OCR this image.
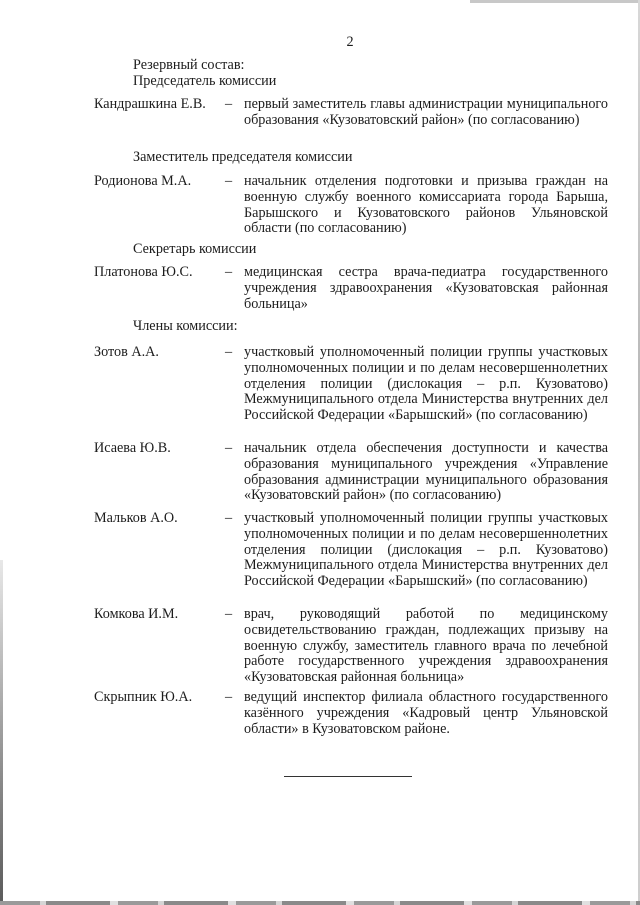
2
Резервный состав:
Председатель комиссии
Кандрашкина Е.В. – первый заместитель главы администрации муниципального образования «Кузоватовский район» (по согласованию)
Заместитель председателя комиссии
Родионова М.А. – начальник отделения подготовки и призыва граждан на военную службу военного комиссариата города Барыша, Барышского и Кузоватовского районов Ульяновской области (по согласованию)
Секретарь комиссии
Платонова Ю.С. – медицинская сестра врача-педиатра государственного учреждения здравоохранения «Кузоватовская районная больница»
Члены комиссии:
Зотов А.А.	– участковый уполномоченный полиции группы участковых уполномоченных полиции и по делам несовершеннолетних отделения полиции (дислокация – р.п. Кузоватово) Межмуниципального отдела Министерства внутренних дел Российской Федерации «Барышский» (по согласованию)
Исаева Ю.В.	– начальник отдела обеспечения доступности и качества образования муниципального учреждения «Управление образования администрации муниципального образования «Кузоватовский район» (по согласованию)
Мальков А.О.	– участковый уполномоченный полиции группы участковых уполномоченных полиции и по делам несовершеннолетних отделения полиции (дислокация – р.п. Кузоватово) Межмуниципального отдела Министерства внутренних дел Российской Федерации «Барышский» (по согласованию)
Комкова И.М.	– врач, руководящий работой по медицинскому освидетельствованию граждан, подлежащих призыву на военную службу, заместитель главного врача по лечебной работе государственного учреждения здравоохранения «Кузоватовская районная больница»
Скрыпник Ю.А. – ведущий инспектор филиала областного государственного казённого учреждения «Кадровый центр Ульяновской области» в Кузоватовском районе.
